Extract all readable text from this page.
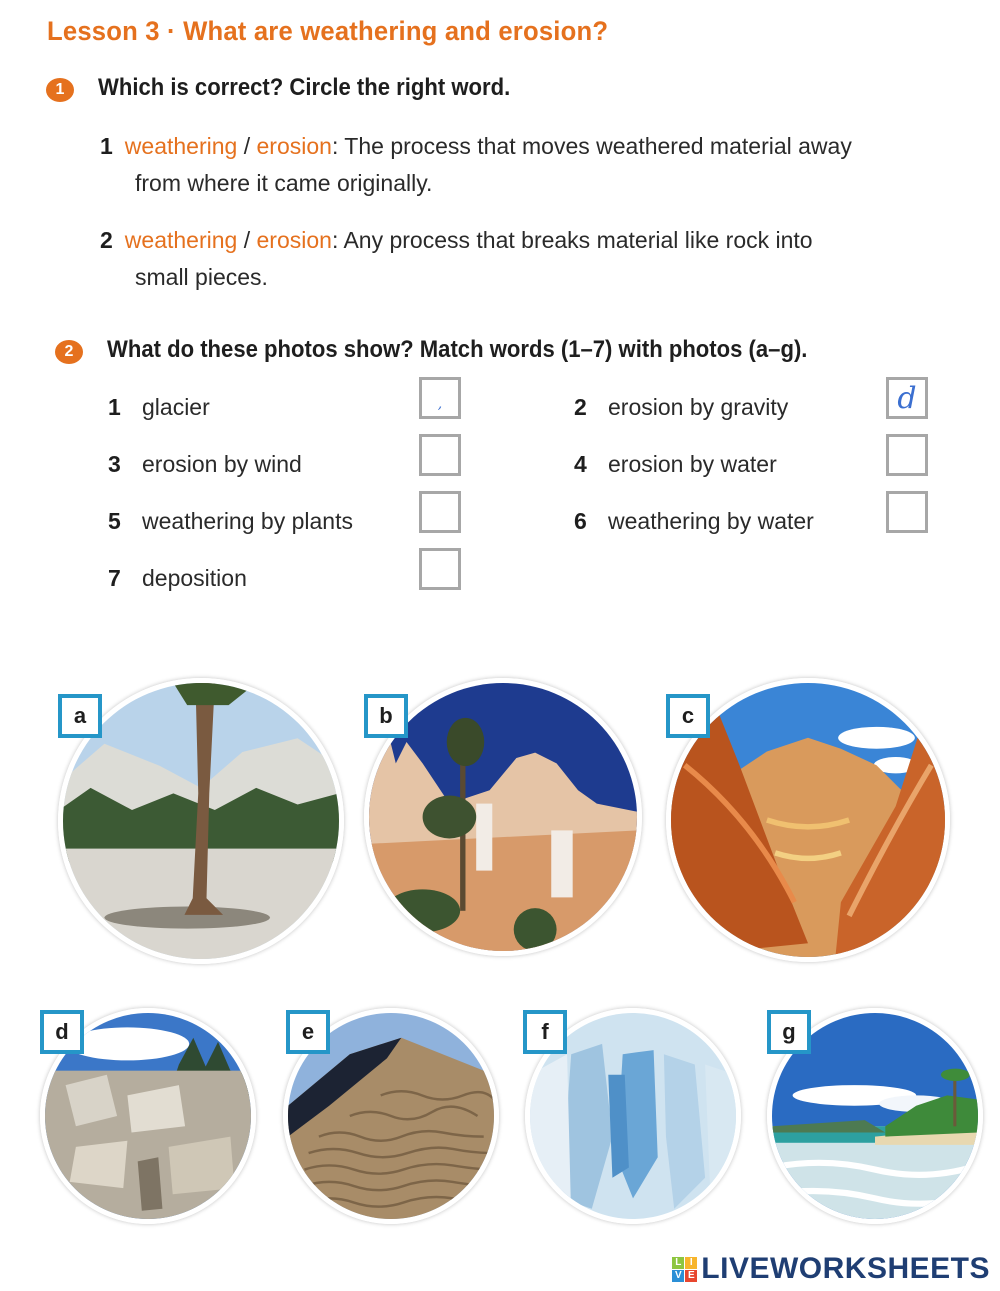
Lesson 3 · What are weathering and erosion?
1	Which is correct? Circle the right word.
1 weathering / erosion: The process that moves weathered material away
from where it came originally.
2 weathering / erosion: Any process that breaks material like rock into
small pieces.
2	What do these photos show? Match words (1–7) with photos (a–g).
1 glacier	,	2 erosion by gravity	d
3 erosion by wind	4 erosion by water
5 weathering by plants	6 weathering by water
7 deposition
a	b	c
d	e	f	g
L I
V E LIVEWORKSHEETS
